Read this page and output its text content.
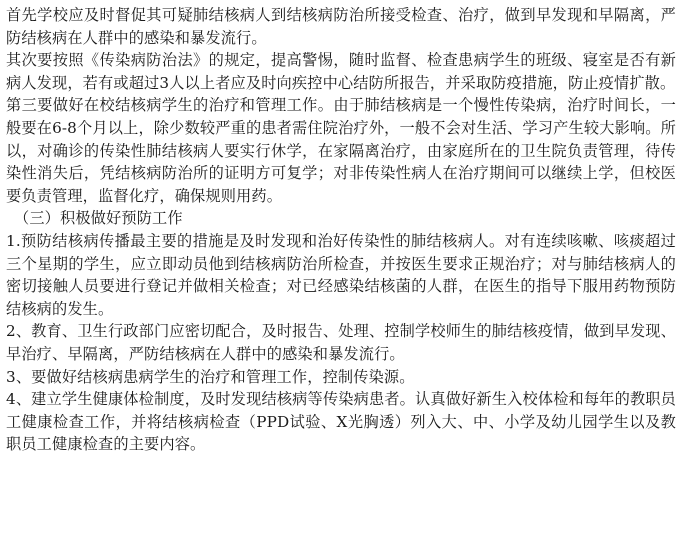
首先学校应及时督促其可疑肺结核病人到结核病防治所接受检查、治疗，做到早发现和早隔离，严防结核病在人群中的感染和暴发流行。

其次要按照《传染病防治法》的规定，提高警惕，随时监督、检查患病学生的班级、寝室是否有新病人发现，若有或超过3人以上者应及时向疾控中心结防所报告，并采取防疫措施，防止疫情扩散。

第三要做好在校结核病学生的治疗和管理工作。由于肺结核病是一个慢性传染病，治疗时间长，一般要在6-8个月以上，除少数较严重的患者需住院治疗外，一般不会对生活、学习产生较大影响。所以，对确诊的传染性肺结核病人要实行休学，在家隔离治疗，由家庭所在的卫生院负责管理，待传染性消失后，凭结核病防治所的证明方可复学；对非传染性病人在治疗期间可以继续上学，但校医要负责管理，监督化疗，确保规则用药。

（三）积极做好预防工作

1.预防结核病传播最主要的措施是及时发现和治好传染性的肺结核病人。对有连续咳嗽、咳痰超过三个星期的学生，应立即动员他到结核病防治所检查，并按医生要求正规治疗；对与肺结核病人的密切接触人员要进行登记并做相关检查；对已经感染结核菌的人群，在医生的指导下服用药物预防结核病的发生。

2、教育、卫生行政部门应密切配合，及时报告、处理、控制学校师生的肺结核疫情，做到早发现、早治疗、早隔离，严防结核病在人群中的感染和暴发流行。

3、要做好结核病患病学生的治疗和管理工作，控制传染源。

4、建立学生健康体检制度，及时发现结核病等传染病患者。认真做好新生入校体检和每年的教职员工健康检查工作，并将结核病检查（PPD试验、X光胸透）列入大、中、小学及幼儿园学生以及教职员工健康检查的主要内容。
